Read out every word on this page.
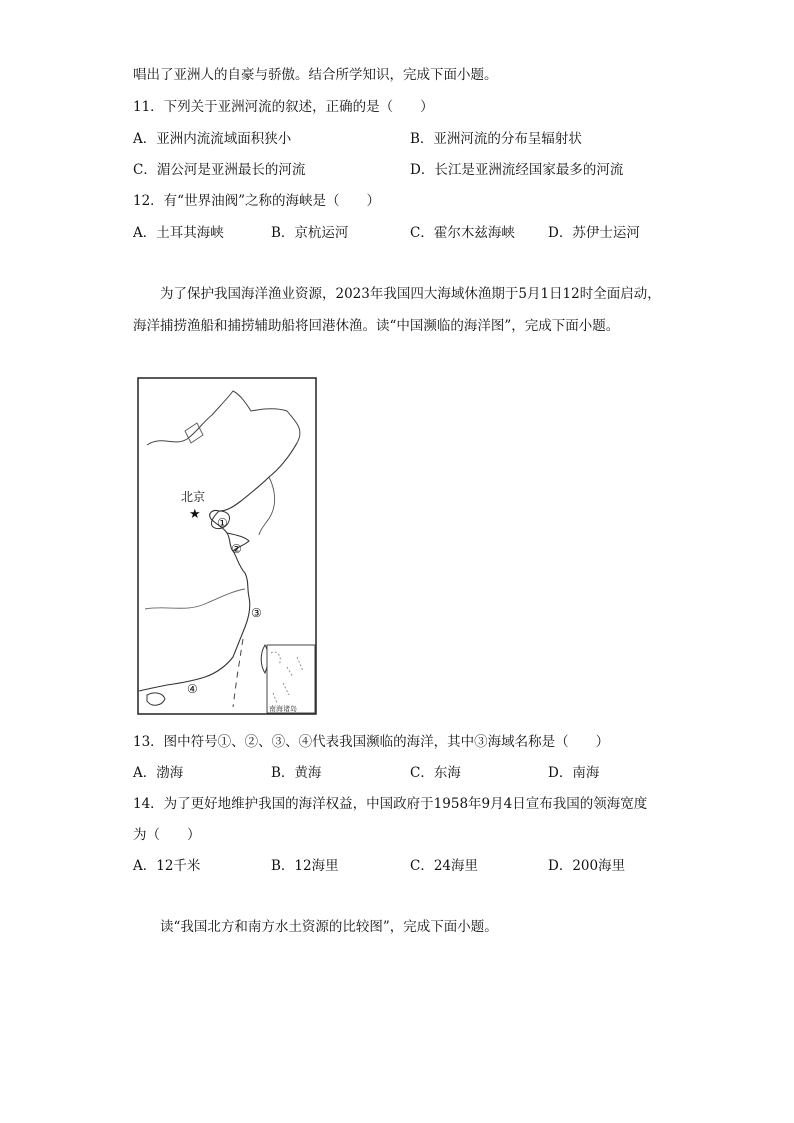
唱出了亚洲人的自豪与骄傲。结合所学知识，完成下面小题。
11．下列关于亚洲河流的叙述，正确的是（　　）
A．亚洲内流流域面积狭小	B．亚洲河流的分布呈辐射状
C．湄公河是亚洲最长的河流	D．长江是亚洲流经国家最多的河流
12．有“世界油阀”之称的海峡是（　　）
A．土耳其海峡	B．京杭运河	C．霍尔木兹海峡 D．苏伊士运河
为了保护我国海洋渔业资源，2023年我国四大海域休渔期于5月1日12时全面启动，海洋捕捞渔船和捕捞辅助船将回港休渔。读“中国濒临的海洋图”，完成下面小题。
南海诸岛
北京
★
①
②
③
④
13．图中符号①、②、③、④代表我国濒临的海洋，其中③海域名称是（　　）
A．渤海	B．黄海	C．东海	D．南海
14．为了更好地维护我国的海洋权益，中国政府于1958年9月4日宣布我国的领海宽度
为（　　）
A．12千米	B．12海里	C．24海里	D．200海里
读“我国北方和南方水土资源的比较图”，完成下面小题。
